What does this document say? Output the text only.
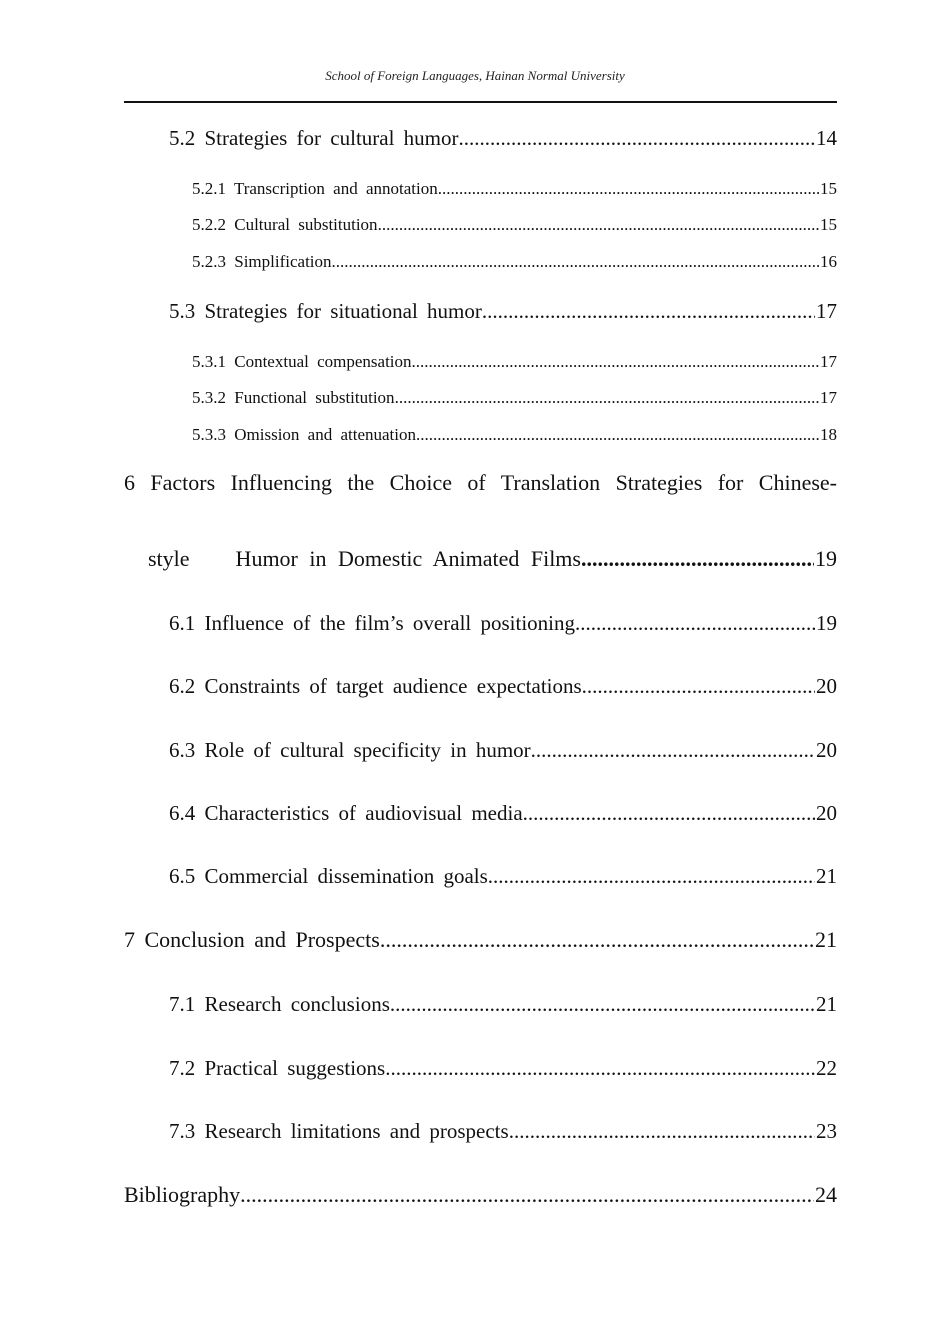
School of Foreign Languages, Hainan Normal University
5.2 Strategies for cultural humor .....	14
5.2.1 Transcription and annotation .....	15
5.2.2 Cultural substitution .....	15
5.2.3 Simplification .....	16
5.3 Strategies for situational humor .....	17
5.3.1 Contextual compensation .....	17
5.3.2 Functional substitution .....	17
5.3.3 Omission and attenuation .....	18
6 Factors Influencing the Choice of Translation Strategies for Chinese-
style    Humor in Domestic Animated Films .....	19
6.1 Influence of the film’s overall positioning .....	19
6.2 Constraints of target audience expectations .....	20
6.3 Role of cultural specificity in humor .....	20
6.4 Characteristics of audiovisual media .....	20
6.5 Commercial dissemination goals .....	21
7 Conclusion and Prospects .....	21
7.1 Research conclusions .....	21
7.2 Practical suggestions .....	22
7.3 Research limitations and prospects .....	23
Bibliography .....	24
